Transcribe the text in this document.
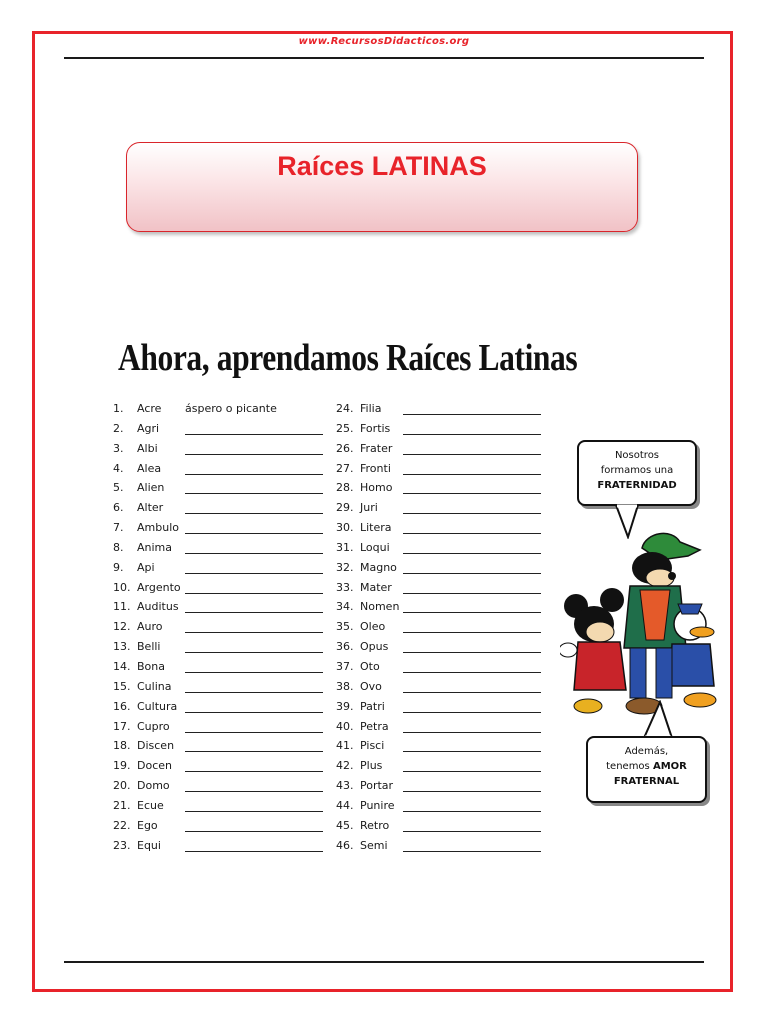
www.RecursosDidacticos.org
Raíces LATINAS
Ahora, aprendamos Raíces Latinas
1. Acre áspero o picante
2. Agri
3. Albi
4. Alea
5. Alien
6. Alter
7. Ambulo
8. Anima
9. Api
10. Argento
11. Auditus
12. Auro
13. Belli
14. Bona
15. Culina
16. Cultura
17. Cupro
18. Discen
19. Docen
20. Domo
21. Ecue
22. Ego
23. Equi
24. Filia
25. Fortis
26. Frater
27. Fronti
28. Homo
29. Juri
30. Litera
31. Loqui
32. Magno
33. Mater
34. Nomen
35. Oleo
36. Opus
37. Oto
38. Ovo
39. Patri
40. Petra
41. Pisci
42. Plus
43. Portar
44. Punire
45. Retro
46. Semi
Nosotros
formamos una
FRATERNIDAD
Además,
tenemos AMOR
FRATERNAL
